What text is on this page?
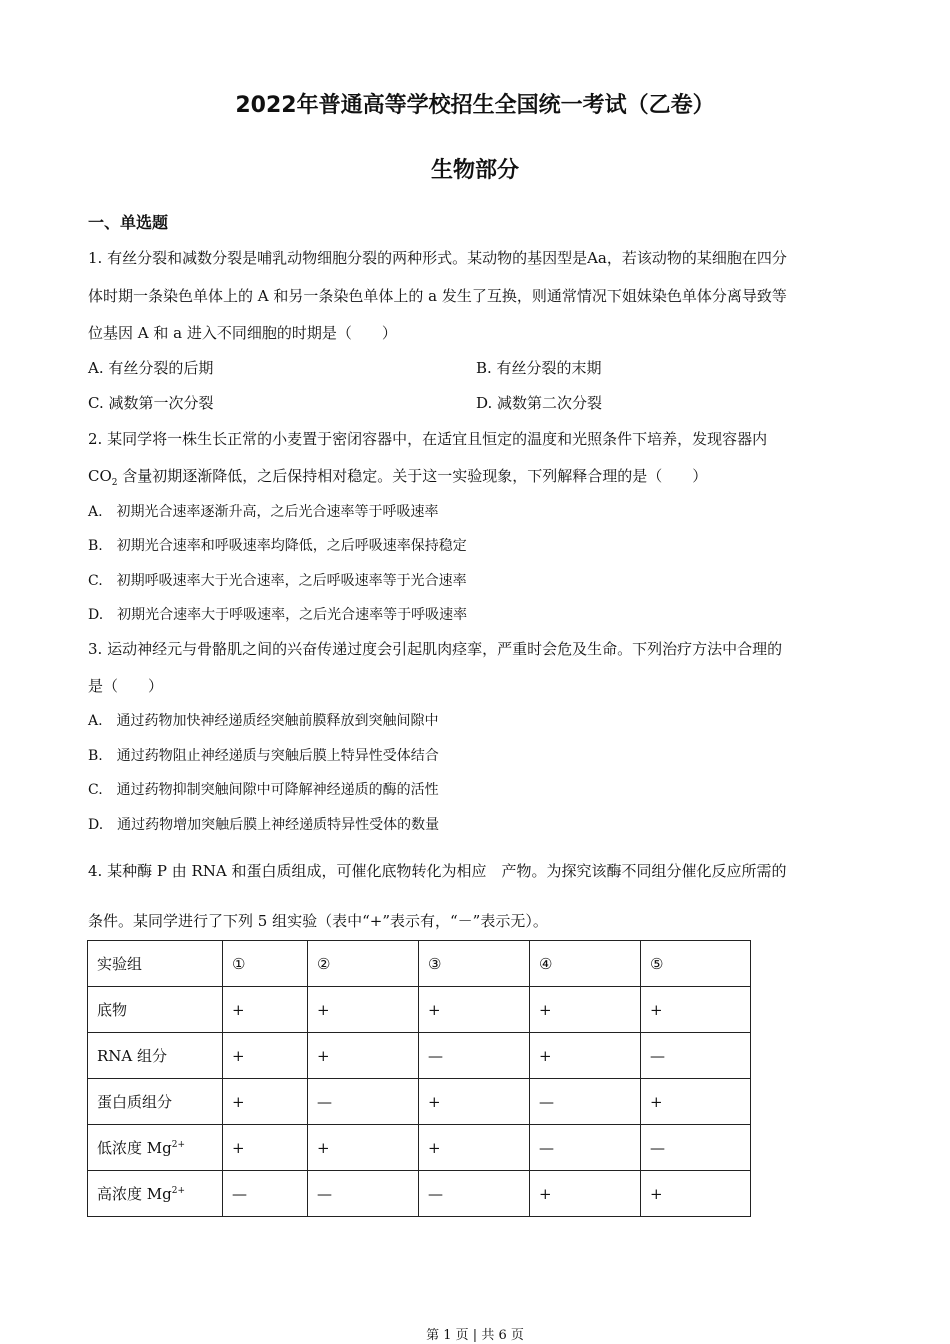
2022年普通高等学校招生全国统一考试（乙卷）
生物部分
一、单选题
1. 有丝分裂和减数分裂是哺乳动物细胞分裂的两种形式。某动物的基因型是Aa，若该动物的某细胞在四分
体时期一条染色单体上的 A 和另一条染色单体上的 a 发生了互换，则通常情况下姐妹染色单体分离导致等
位基因 A 和 a 进入不同细胞的时期是（　　）
A. 有丝分裂的后期	B. 有丝分裂的末期
C. 减数第一次分裂	D. 减数第二次分裂
2. 某同学将一株生长正常的小麦置于密闭容器中，在适宜且恒定的温度和光照条件下培养，发现容器内
$CO_2$ 含量初期逐渐降低，之后保持相对稳定。关于这一实验现象，下列解释合理的是（　　）
A.　初期光合速率逐渐升高，之后光合速率等于呼吸速率
B.　初期光合速率和呼吸速率均降低，之后呼吸速率保持稳定
C.　初期呼吸速率大于光合速率，之后呼吸速率等于光合速率
D.　初期光合速率大于呼吸速率，之后光合速率等于呼吸速率
3. 运动神经元与骨骼肌之间的兴奋传递过度会引起肌肉痉挛，严重时会危及生命。下列治疗方法中合理的
是（　　）
A.　通过药物加快神经递质经突触前膜释放到突触间隙中
B.　通过药物阻止神经递质与突触后膜上特异性受体结合
C.　通过药物抑制突触间隙中可降解神经递质的酶的活性
D.　通过药物增加突触后膜上神经递质特异性受体的数量
4. 某种酶 P 由 RNA 和蛋白质组成，可催化底物转化为相应　产物。为探究该酶不同组分催化反应所需的
条件。某同学进行了下列 5 组实验（表中“+”表示有，“－”表示无）。
实验组	①	②	③	④	⑤
底物	+	+	+	+	+
RNA 组分	+	+	—	+	—
蛋白质组分	+	—	+	—	+
低浓度 $Mg^{2+}$	+	+	+	—	—
高浓度 $Mg^{2+}$	—	—	—	+	+
第 1 页 | 共 6 页
